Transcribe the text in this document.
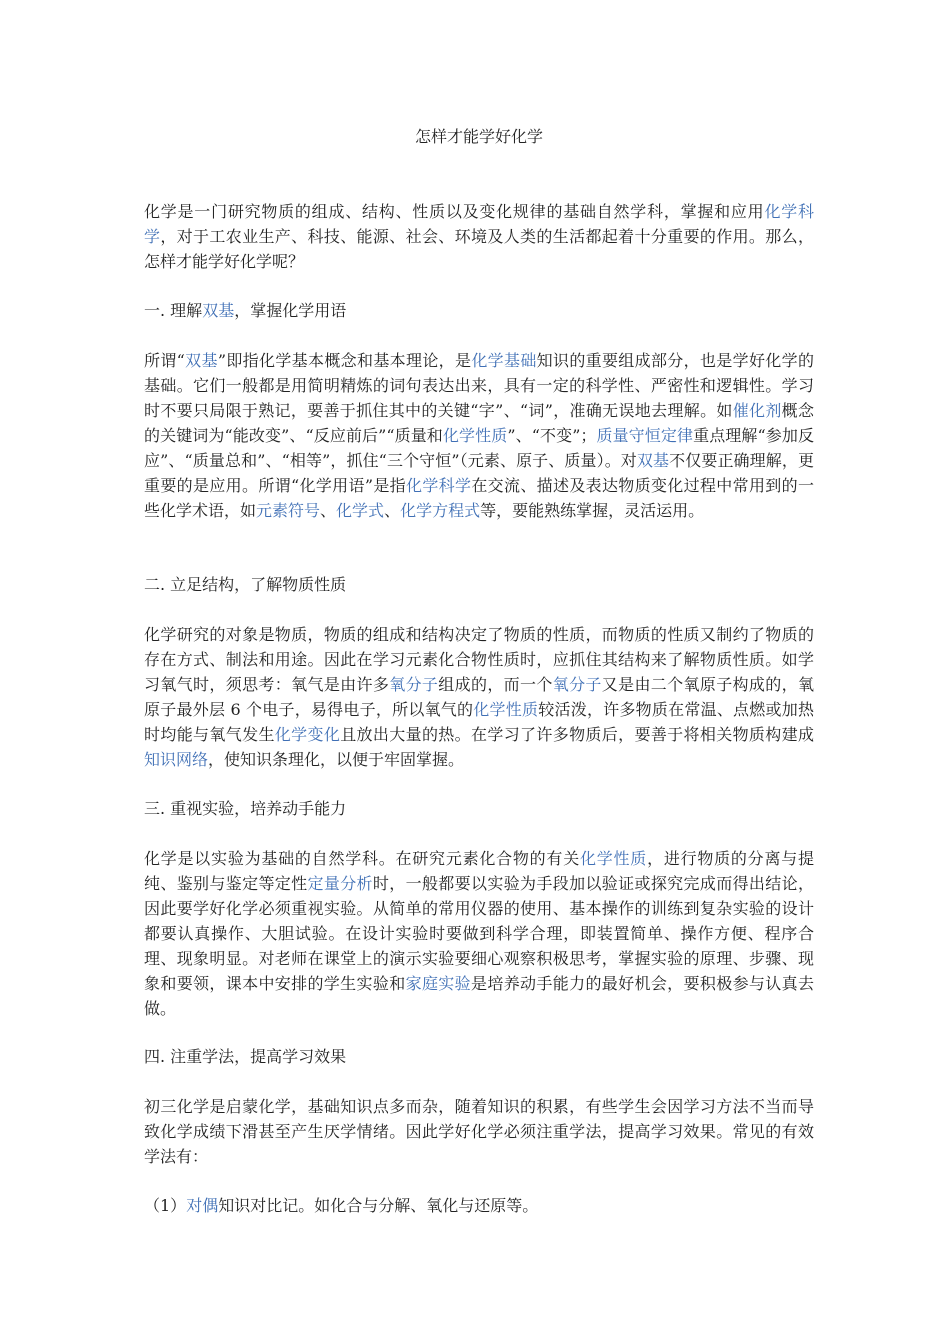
怎样才能学好化学

化学是一门研究物质的组成、结构、性质以及变化规律的基础自然学科，掌握和应用化学科学，对于工农业生产、科技、能源、社会、环境及人类的生活都起着十分重要的作用。那么，怎样才能学好化学呢？

一. 理解双基，掌握化学用语

所谓“双基”即指化学基本概念和基本理论，是化学基础知识的重要组成部分，也是学好化学的基础。它们一般都是用简明精炼的词句表达出来，具有一定的科学性、严密性和逻辑性。学习时不要只局限于熟记，要善于抓住其中的关键“字”、“词”，准确无误地去理解。如催化剂概念的关键词为“能改变”、“反应前后”“质量和化学性质”、“不变”；质量守恒定律重点理解“参加反应”、“质量总和”、“相等”，抓住“三个守恒”（元素、原子、质量）。对双基不仅要正确理解，更重要的是应用。所谓“化学用语”是指化学科学在交流、描述及表达物质变化过程中常用到的一些化学术语，如元素符号、化学式、化学方程式等，要能熟练掌握，灵活运用。

二. 立足结构，了解物质性质

化学研究的对象是物质，物质的组成和结构决定了物质的性质，而物质的性质又制约了物质的存在方式、制法和用途。因此在学习元素化合物性质时，应抓住其结构来了解物质性质。如学习氧气时，须思考：氧气是由许多氧分子组成的，而一个氧分子又是由二个氧原子构成的，氧原子最外层 6 个电子，易得电子，所以氧气的化学性质较活泼，许多物质在常温、点燃或加热时均能与氧气发生化学变化且放出大量的热。在学习了许多物质后，要善于将相关物质构建成知识网络，使知识条理化，以便于牢固掌握。

三. 重视实验，培养动手能力

化学是以实验为基础的自然学科。在研究元素化合物的有关化学性质，进行物质的分离与提纯、鉴别与鉴定等定性定量分析时，一般都要以实验为手段加以验证或探究完成而得出结论，因此要学好化学必须重视实验。从简单的常用仪器的使用、基本操作的训练到复杂实验的设计都要认真操作、大胆试验。在设计实验时要做到科学合理，即装置简单、操作方便、程序合理、现象明显。对老师在课堂上的演示实验要细心观察积极思考，掌握实验的原理、步骤、现象和要领，课本中安排的学生实验和家庭实验是培养动手能力的最好机会，要积极参与认真去做。

四. 注重学法，提高学习效果

初三化学是启蒙化学，基础知识点多而杂，随着知识的积累，有些学生会因学习方法不当而导致化学成绩下滑甚至产生厌学情绪。因此学好化学必须注重学法，提高学习效果。常见的有效学法有：

（1）对偶知识对比记。如化合与分解、氧化与还原等。
